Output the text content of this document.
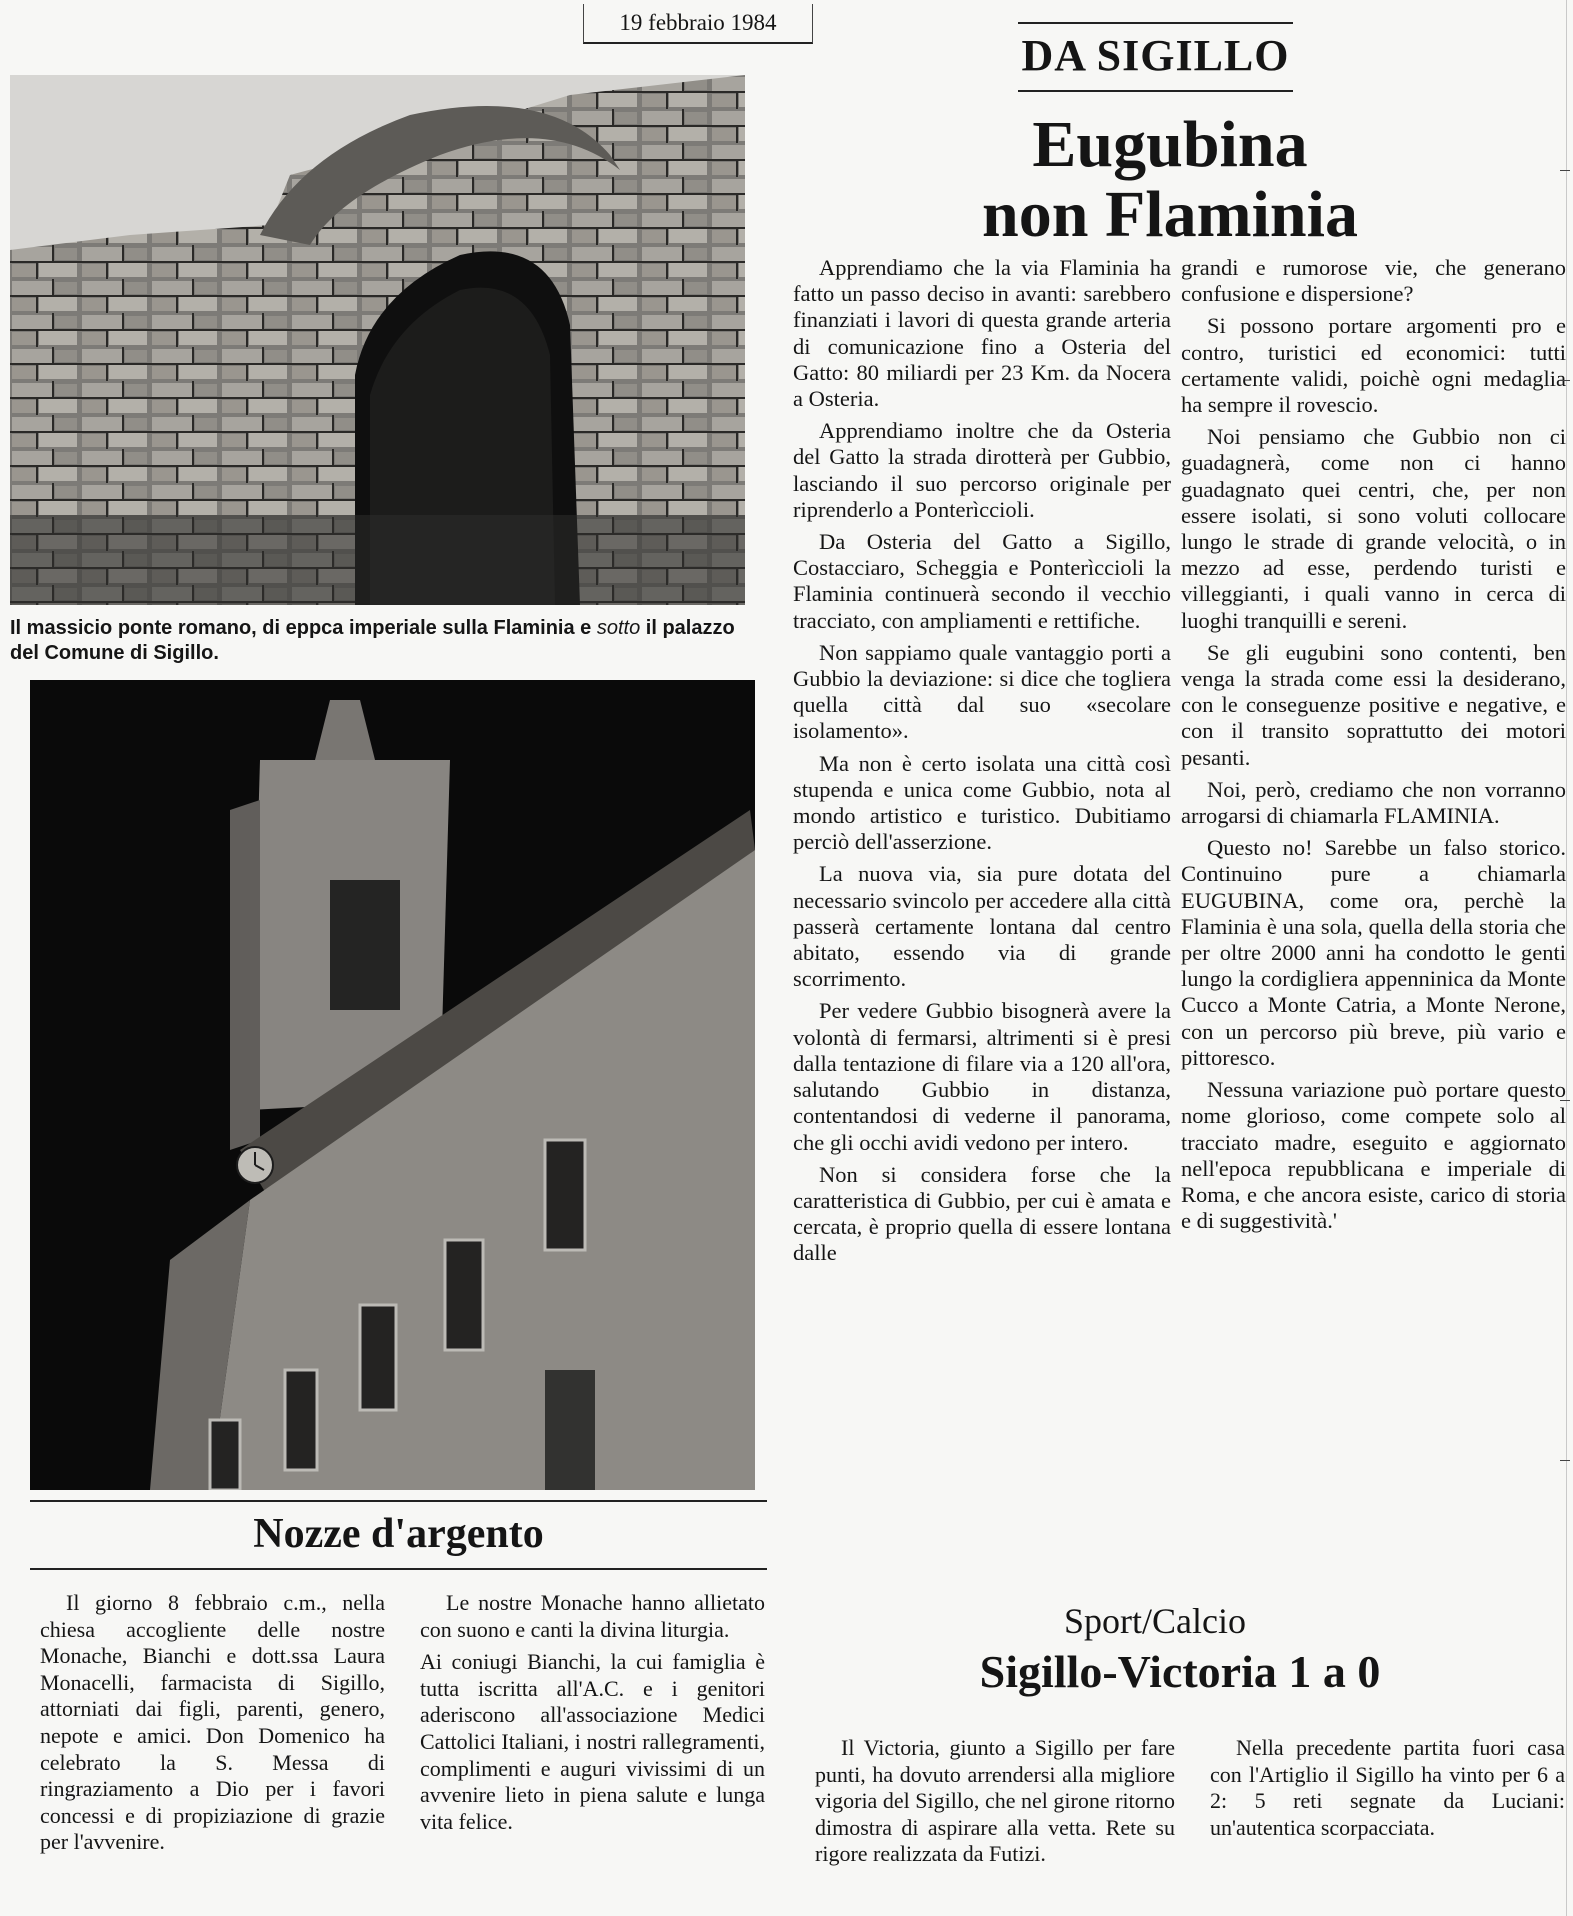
19 febbraio 1984
Il massicio ponte romano, di eppca imperiale sulla Flaminia e sotto il palazzo del Comune di Sigillo.
DA SIGILLO
Eugubina
non Flaminia

Apprendiamo che la via Flaminia ha fatto un passo deciso in avanti: sarebbero finanziati i lavori di questa grande arteria di comunicazione fino a Osteria del Gatto: 80 miliardi per 23 Km. da Nocera a Osteria.

Apprendiamo inoltre che da Osteria del Gatto la strada dirotterà per Gubbio, lasciando il suo percorso originale per riprenderlo a Ponterìccioli.

Da Osteria del Gatto a Sigillo, Costacciaro, Scheggia e Ponterìccioli la Flaminia continuerà secondo il vecchio tracciato, con ampliamenti e rettifiche.

Non sappiamo quale vantaggio porti a Gubbio la deviazione: si dice che togliera quella città dal suo «secolare isolamento».

Ma non è certo isolata una città così stupenda e unica come Gubbio, nota al mondo artistico e turistico. Dubitiamo perciò dell'asserzione.

La nuova via, sia pure dotata del necessario svincolo per accedere alla città passerà certamente lontana dal centro abitato, essendo via di grande scorrimento.

Per vedere Gubbio bisognerà avere la volontà di fermarsi, altrimenti si è presi dalla tentazione di filare via a 120 all'ora, salutando Gubbio in distanza, contentandosi di vederne il panorama, che gli occhi avidi vedono per intero.

Non si considera forse che la caratteristica di Gubbio, per cui è amata e cercata, è proprio quella di essere lontana dalle

grandi e rumorose vie, che generano confusione e dispersione?

Si possono portare argomenti pro e contro, turistici ed economici: tutti certamente validi, poichè ogni medaglia ha sempre il rovescio.

Noi pensiamo che Gubbio non ci guadagnerà, come non ci hanno guadagnato quei centri, che, per non essere isolati, si sono voluti collocare lungo le strade di grande velocità, o in mezzo ad esse, perdendo turisti e villeggianti, i quali vanno in cerca di luoghi tranquilli e sereni.

Se gli eugubini sono contenti, ben venga la strada come essi la desiderano, con le conseguenze positive e negative, e con il transito soprattutto dei motori pesanti.

Noi, però, crediamo che non vorranno arrogarsi di chiamarla FLAMINIA.

Questo no! Sarebbe un falso storico. Continuino pure a chiamarla EUGUBINA, come ora, perchè la Flaminia è una sola, quella della storia che per oltre 2000 anni ha condotto le genti lungo la cordigliera appenninica da Monte Cucco a Monte Catria, a Monte Nerone, con un percorso più breve, più vario e pittoresco.

Nessuna variazione può portare questo nome glorioso, come compete solo al tracciato madre, eseguito e aggiornato nell'epoca repubblicana e imperiale di Roma, e che ancora esiste, carico di storia e di suggestività.'

Nozze d'argento

Il giorno 8 febbraio c.m., nella chiesa accogliente delle nostre Monache, Bianchi e dott.ssa Laura Monacelli, farmacista di Sigillo, attorniati dai figli, parenti, genero, nepote e amici. Don Domenico ha celebrato la S. Messa di ringraziamento a Dio per i favori concessi e di propiziazione di grazie per l'avvenire.

Le nostre Monache hanno allietato con suono e canti la divina liturgia.

Ai coniugi Bianchi, la cui famiglia è tutta iscritta all'A.C. e i genitori aderiscono all'associazione Medici Cattolici Italiani, i nostri rallegramenti, complimenti e auguri vivissimi di un avvenire lieto in piena salute e lunga vita felice.

Sport/Calcio
Sigillo-Victoria 1 a 0

Il Victoria, giunto a Sigillo per fare punti, ha dovuto arrendersi alla migliore vigoria del Sigillo, che nel girone ritorno dimostra di aspirare alla vetta. Rete su rigore realizzata da Futizi.

Nella precedente partita fuori casa con l'Artiglio il Sigillo ha vinto per 6 a 2: 5 reti segnate da Luciani: un'autentica scorpacciata.
